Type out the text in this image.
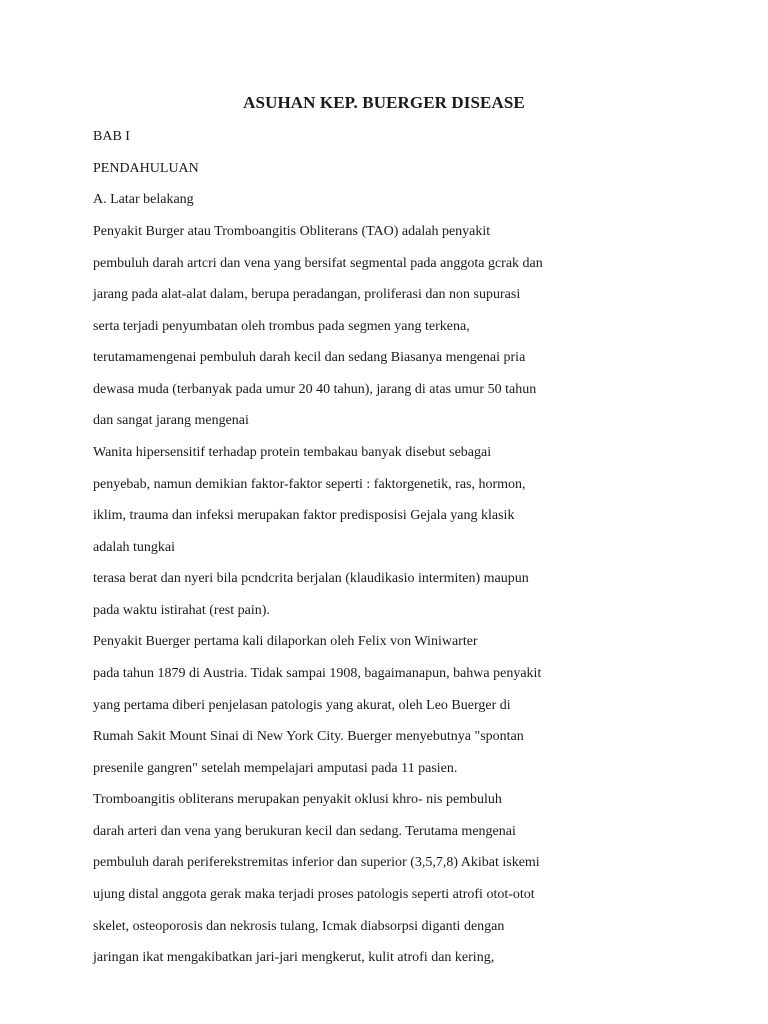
ASUHAN KEP. BUERGER DISEASE
BAB I
PENDAHULUAN
A. Latar belakang
Penyakit Burger atau Tromboangitis Obliterans (TAO) adalah penyakit
pembuluh darah artcri dan vena yang bersifat segmental pada anggota gcrak dan
jarang pada alat-alat dalam, berupa peradangan, proliferasi dan non supurasi
serta terjadi penyumbatan oleh trombus pada segmen yang terkena,
terutamamengenai pembuluh darah kecil dan sedang Biasanya mengenai pria
dewasa muda (terbanyak pada umur 20 40 tahun), jarang di atas umur 50 tahun
dan sangat jarang mengenai
Wanita hipersensitif terhadap protein tembakau banyak disebut sebagai
penyebab, namun demikian faktor-faktor seperti : faktorgenetik, ras, hormon,
iklim, trauma dan infeksi merupakan faktor predisposisi Gejala yang klasik
adalah tungkai
terasa berat dan nyeri bila pcndcrita berjalan (klaudikasio intermiten) maupun
pada waktu istirahat (rest pain).
Penyakit Buerger pertama kali dilaporkan oleh Felix von Winiwarter
pada tahun 1879 di Austria. Tidak sampai 1908, bagaimanapun, bahwa penyakit
yang pertama diberi penjelasan patologis yang akurat, oleh Leo Buerger di
Rumah Sakit Mount Sinai di New York City. Buerger menyebutnya "spontan
presenile gangren" setelah mempelajari amputasi pada 11 pasien.
Tromboangitis obliterans merupakan penyakit oklusi khro- nis pembuluh
darah arteri dan vena yang berukuran kecil dan sedang. Terutama mengenai
pembuluh darah periferekstremitas inferior dan superior (3,5,7,8) Akibat iskemi
ujung distal anggota gerak maka terjadi proses patologis seperti atrofi otot-otot
skelet, osteoporosis dan nekrosis tulang, Icmak diabsorpsi diganti dengan
jaringan ikat mengakibatkan jari-jari mengkerut, kulit atrofi dan kering,
